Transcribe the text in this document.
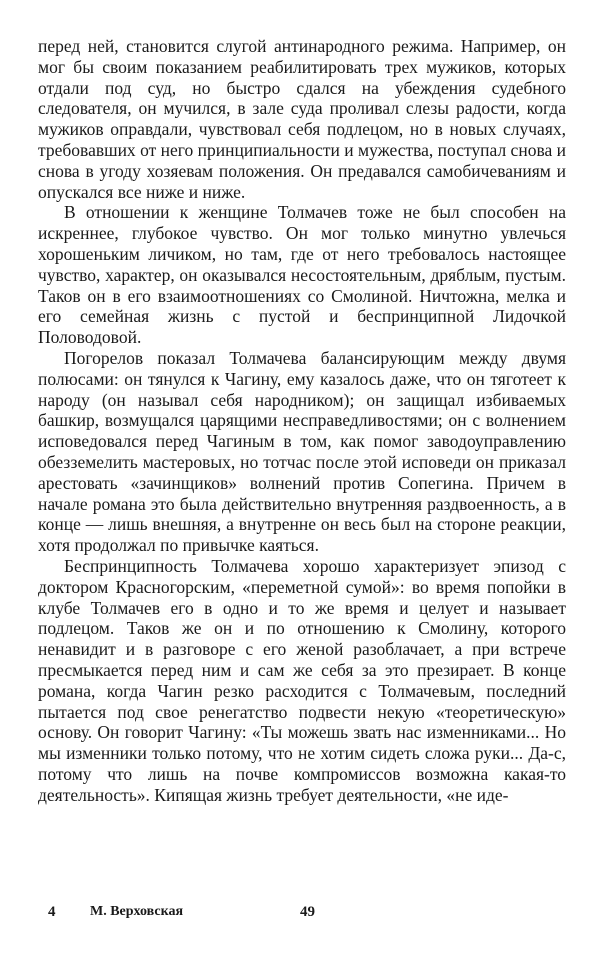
перед ней, становится слугой антинародного режима. Например, он мог бы своим показанием реабилитировать трех мужиков, которых отдали под суд, но быстро сдался на убеждения судебного следователя, он мучился, в зале суда проливал слезы радости, когда мужиков оправдали, чувствовал себя подлецом, но в новых случаях, требовавших от него принципиальности и мужества, поступал снова и снова в угоду хозяевам положения. Он предавался самобичеваниям и опускался все ниже и ниже.

В отношении к женщине Толмачев тоже не был способен на искреннее, глубокое чувство. Он мог только минутно увлечься хорошеньким личиком, но там, где от него требовалось настоящее чувство, характер, он оказывался несостоятельным, дряблым, пустым. Таков он в его взаимоотношениях со Смолиной. Ничтожна, мелка и его семейная жизнь с пустой и беспринципной Лидочкой Половодовой.

Погорелов показал Толмачева балансирующим между двумя полюсами: он тянулся к Чагину, ему казалось даже, что он тяготеет к народу (он называл себя народником); он защищал избиваемых башкир, возмущался царящими несправедливостями; он с волнением исповедовался перед Чагиным в том, как помог заводоуправлению обезземелить мастеровых, но тотчас после этой исповеди он приказал арестовать «зачинщиков» волнений против Сопегина. Причем в начале романа это была действительно внутренняя раздвоенность, а в конце — лишь внешняя, а внутренне он весь был на стороне реакции, хотя продолжал по привычке каяться.

Беспринципность Толмачева хорошо характеризует эпизод с доктором Красногорским, «переметной сумой»: во время попойки в клубе Толмачев его в одно и то же время и целует и называет подлецом. Таков же он и по отношению к Смолину, которого ненавидит и в разговоре с его женой разоблачает, а при встрече пресмыкается перед ним и сам же себя за это презирает. В конце романа, когда Чагин резко расходится с Толмачевым, последний пытается под свое ренегатство подвести некую «теоретическую» основу. Он говорит Чагину: «Ты можешь звать нас изменниками... Но мы изменники только потому, что не хотим сидеть сложа руки... Да-с, потому что лишь на почве компромиссов возможна какая-то деятельность». Кипящая жизнь требует деятельности, «не иде-

4 М. Верховская	49
